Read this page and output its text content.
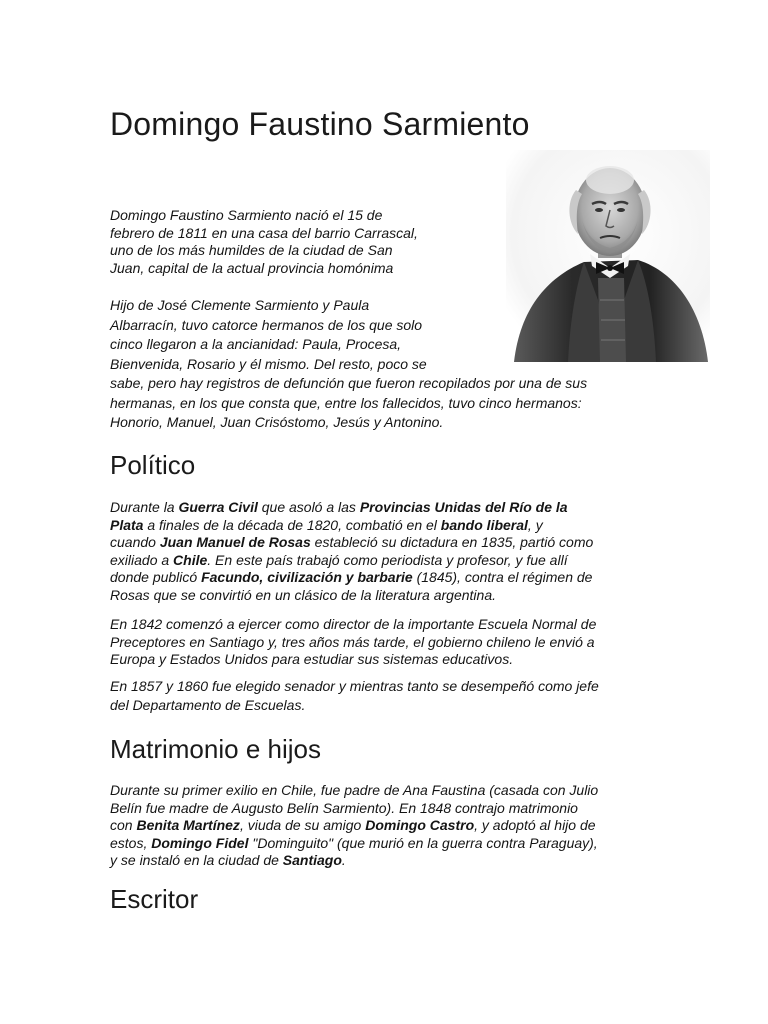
Domingo Faustino Sarmiento

Domingo Faustino Sarmiento nació el 15 de
febrero de 1811 en una casa del barrio Carrascal,
uno de los más humildes de la ciudad de San
Juan, capital de la actual provincia homónima

Hijo de José Clemente Sarmiento y Paula
Albarracín, tuvo catorce hermanos de los que solo
cinco llegaron a la ancianidad: Paula, Procesa,
Bienvenida, Rosario y él mismo. Del resto, poco se
sabe, pero hay registros de defunción que fueron recopilados por una de sus
hermanas, en los que consta que, entre los fallecidos, tuvo cinco hermanos:
Honorio, Manuel, Juan Crisóstomo, Jesús y Antonino.

Político

Durante la Guerra Civil que asoló a las Provincias Unidas del Río de la
Plata a finales de la década de 1820, combatió en el bando liberal, y
cuando Juan Manuel de Rosas estableció su dictadura en 1835, partió como
exiliado a Chile. En este país trabajó como periodista y profesor, y fue allí
donde publicó Facundo, civilización y barbarie (1845), contra el régimen de
Rosas que se convirtió en un clásico de la literatura argentina.

En 1842 comenzó a ejercer como director de la importante Escuela Normal de
Preceptores en Santiago y, tres años más tarde, el gobierno chileno le envió a
Europa y Estados Unidos para estudiar sus sistemas educativos.

En 1857 y 1860 fue elegido senador y mientras tanto se desempeñó como jefe
del Departamento de Escuelas.

Matrimonio e hijos

Durante su primer exilio en Chile, fue padre de Ana Faustina (casada con Julio
Belín fue madre de Augusto Belín Sarmiento). En 1848 contrajo matrimonio
con Benita Martínez, viuda de su amigo Domingo Castro, y adoptó al hijo de
estos, Domingo Fidel "Dominguito" (que murió en la guerra contra Paraguay),
y se instaló en la ciudad de Santiago.

Escritor
